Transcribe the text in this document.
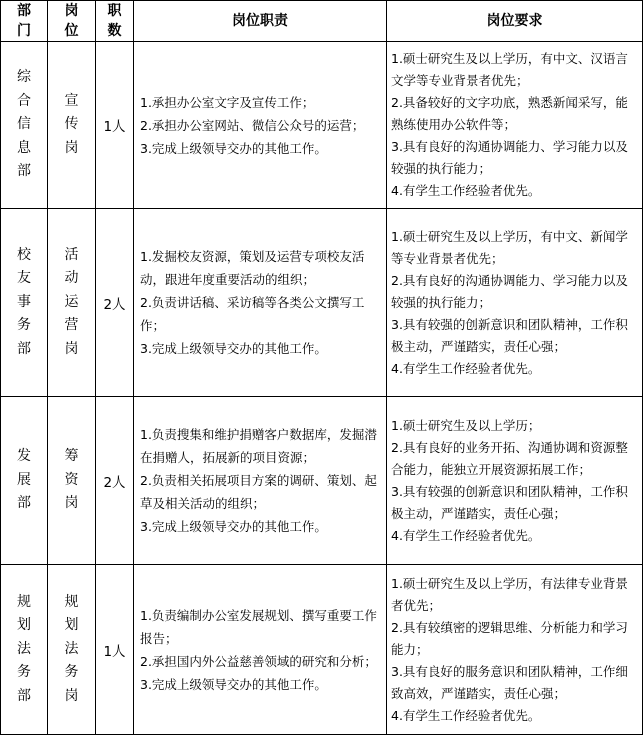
部门	岗位	职数	岗位职责	岗位要求
综合信息部	宣传岗	1人	1.承担办公室文字及宣传工作；
2.承担办公室网站、微信公众号的运营；
3.完成上级领导交办的其他工作。	1.硕士研究生及以上学历，有中文、汉语言文学等专业背景者优先；
2.具备较好的文字功底，熟悉新闻采写，能熟练使用办公软件等；
3.具有良好的沟通协调能力、学习能力以及较强的执行能力；
4.有学生工作经验者优先。

校友事务部	活动运营岗	2人	1.发掘校友资源，策划及运营专项校友活动，跟进年度重要活动的组织；
2.负责讲话稿、采访稿等各类公文撰写工作；
3.完成上级领导交办的其他工作。	1.硕士研究生及以上学历，有中文、新闻学等专业背景者优先；
2.具有良好的沟通协调能力、学习能力以及较强的执行能力；
3.具有较强的创新意识和团队精神，工作积极主动，严谨踏实，责任心强；
4.有学生工作经验者优先。

发展部	筹资岗	2人	1.负责搜集和维护捐赠客户数据库，发掘潜在捐赠人，拓展新的项目资源；
2.负责相关拓展项目方案的调研、策划、起草及相关活动的组织；
3.完成上级领导交办的其他工作。	1.硕士研究生及以上学历；
2.具有良好的业务开拓、沟通协调和资源整合能力，能独立开展资源拓展工作；
3.具有较强的创新意识和团队精神，工作积极主动，严谨踏实，责任心强；
4.有学生工作经验者优先。

规划法务部	规划法务岗	1人	1.负责编制办公室发展规划、撰写重要工作报告；
2.承担国内外公益慈善领域的研究和分析；
3.完成上级领导交办的其他工作。	1.硕士研究生及以上学历，有法律专业背景者优先；
2.具有较缜密的逻辑思维、分析能力和学习能力；
3.具有良好的服务意识和团队精神，工作细致高效，严谨踏实，责任心强；
4.有学生工作经验者优先。
